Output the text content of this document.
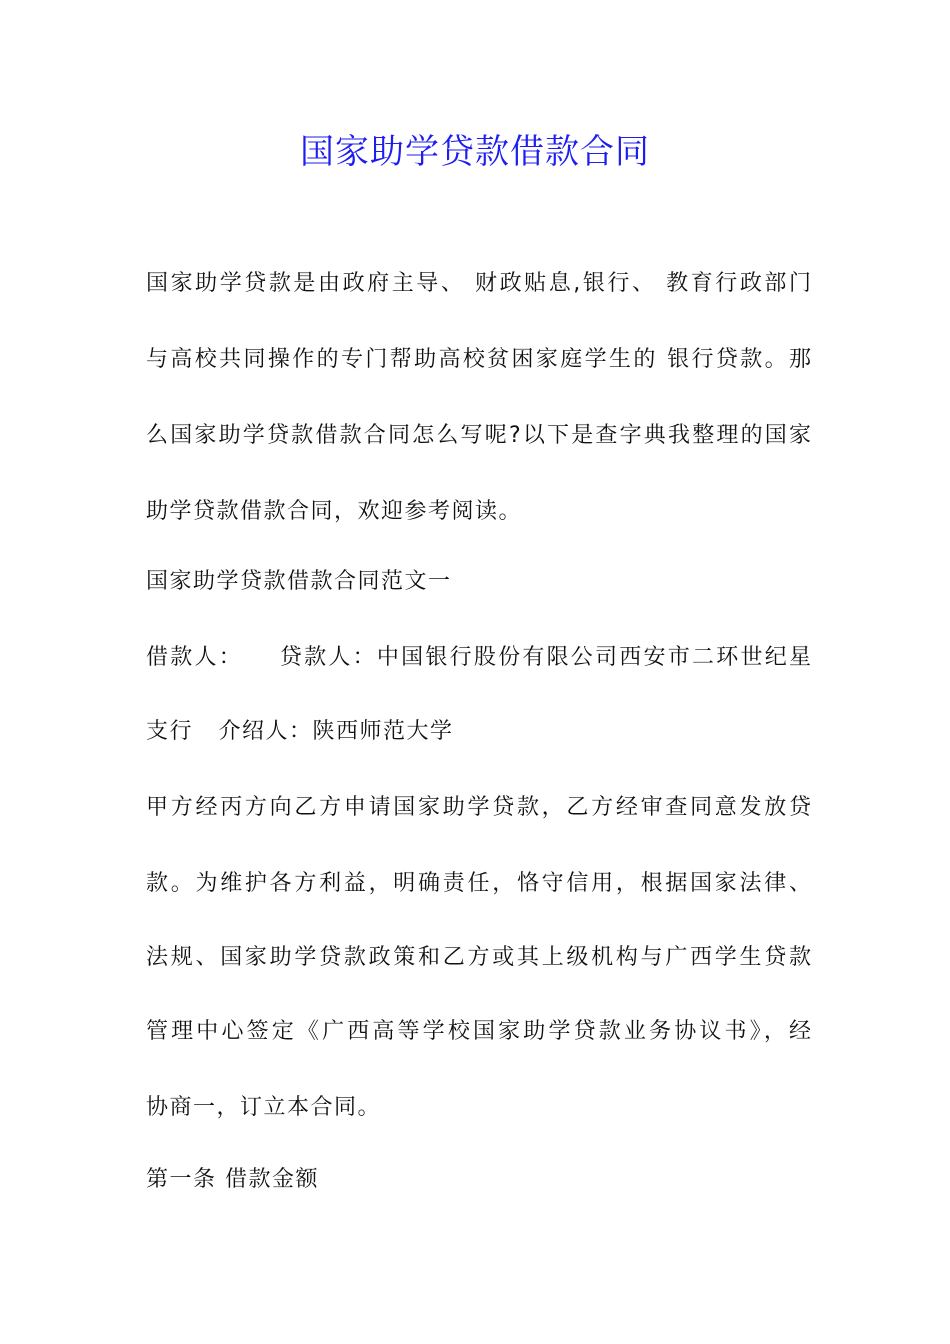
国家助学贷款借款合同
国家助学贷款是由政府主导、 财政贴息,银行、 教育行政部门
与高校共同操作的专门帮助高校贫困家庭学生的 银行贷款。那
么国家助学贷款借款合同怎么写呢?以下是查字典我整理的国家
助学贷款借款合同，欢迎参考阅读。
国家助学贷款借款合同范文一
借款人：    贷款人：中国银行股份有限公司西安市二环世纪星
支行   介绍人：陕西师范大学
甲方经丙方向乙方申请国家助学贷款，乙方经审查同意发放贷
款。为维护各方利益，明确责任，恪守信用，根据国家法律、
法规、国家助学贷款政策和乙方或其上级机构与广西学生贷款
管理中心签定《广西高等学校国家助学贷款业务协议书》，经
协商一，订立本合同。
第一条 借款金额
